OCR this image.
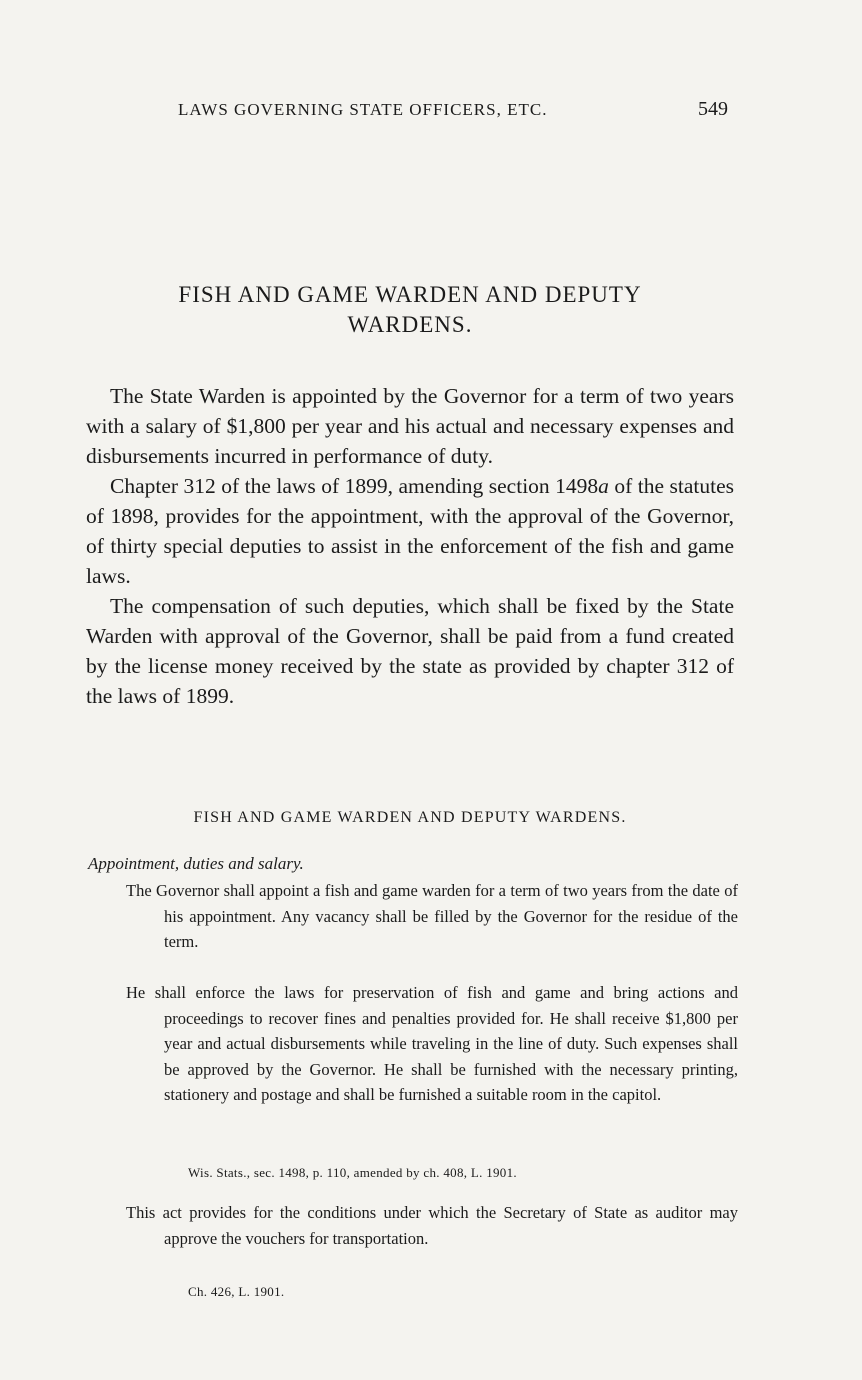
LAWS GOVERNING STATE OFFICERS, ETC.	549
FISH AND GAME WARDEN AND DEPUTY
WARDENS.

The State Warden is appointed by the Governor for a term of two years with a salary of $1,800 per year and his actual and necessary expenses and disbursements incurred in performance of duty.

Chapter 312 of the laws of 1899, amending section 1498a of the statutes of 1898, provides for the appointment, with the approval of the Governor, of thirty special deputies to assist in the enforcement of the fish and game laws.

The compensation of such deputies, which shall be fixed by the State Warden with approval of the Governor, shall be paid from a fund created by the license money received by the state as provided by chapter 312 of the laws of 1899.

FISH AND GAME WARDEN AND DEPUTY WARDENS.
Appointment, duties and salary.

The Governor shall appoint a fish and game warden for a term of two years from the date of his appointment. Any vacancy shall be filled by the Governor for the residue of the term.

He shall enforce the laws for preservation of fish and game and bring actions and proceedings to recover fines and penalties provided for. He shall receive $1,800 per year and actual disbursements while traveling in the line of duty. Such expenses shall be approved by the Governor. He shall be furnished with the necessary printing, stationery and postage and shall be furnished a suitable room in the capitol.

Wis. Stats., sec. 1498, p. 110, amended by ch. 408, L. 1901.

This act provides for the conditions under which the Secretary of State as auditor may approve the vouchers for transportation.

Ch. 426, L. 1901.
